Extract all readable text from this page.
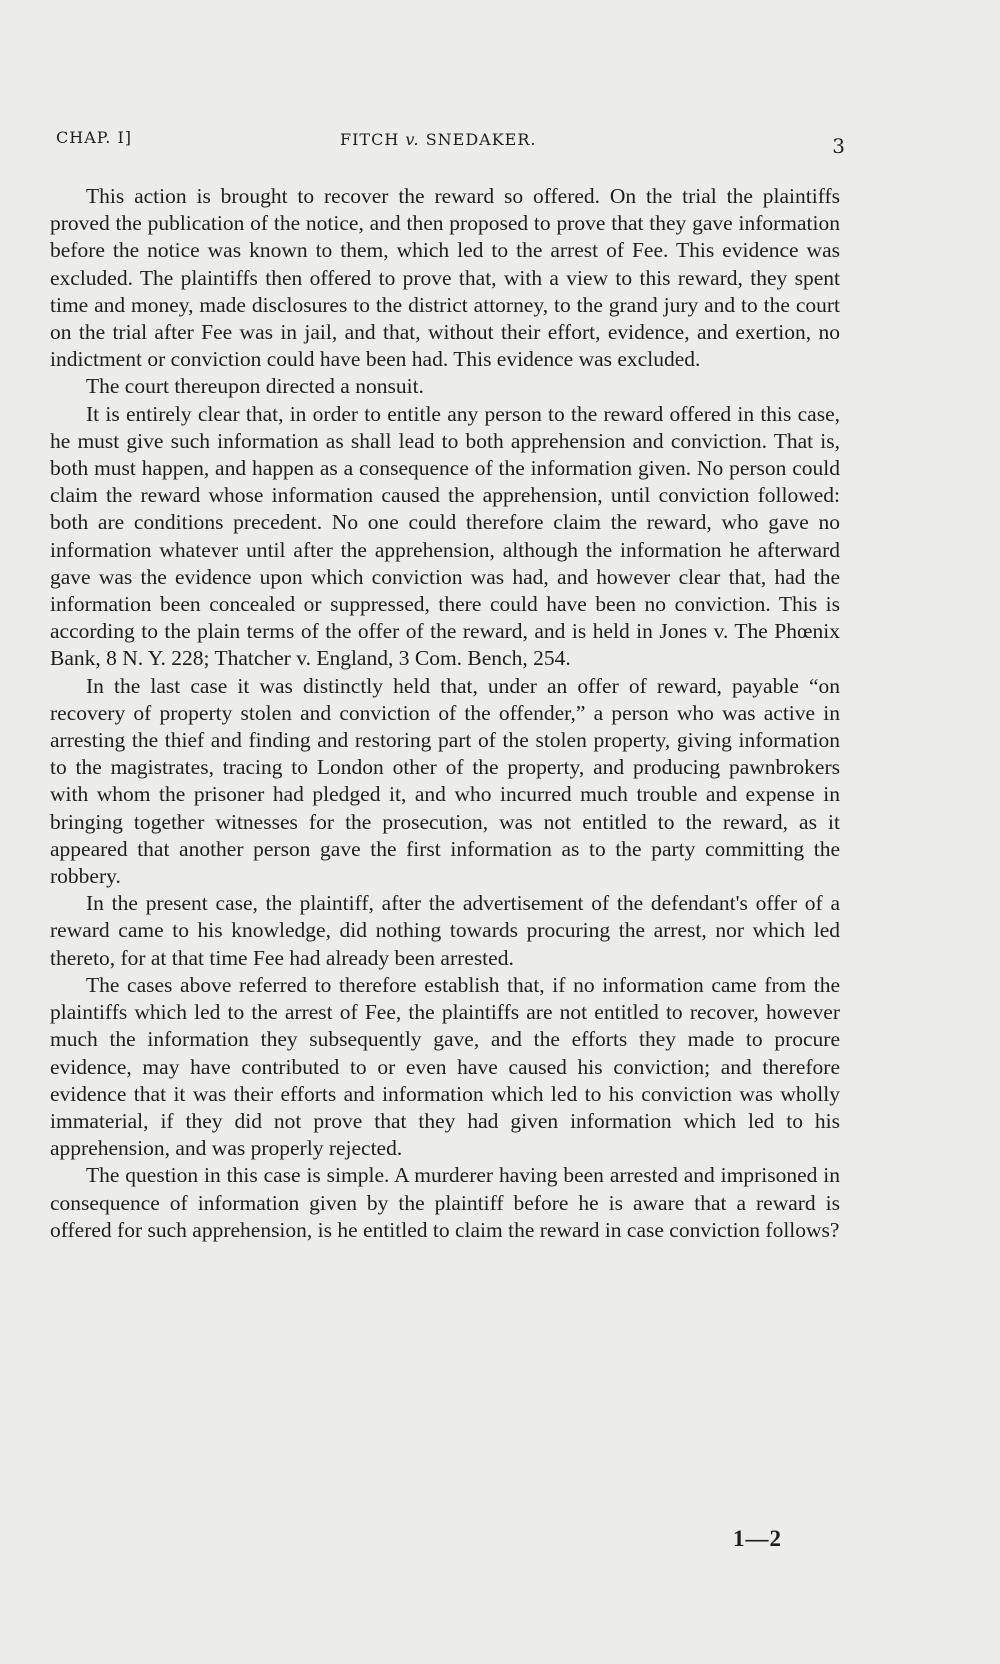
CHAP. I]	FITCH v. SNEDAKER.	3

This action is brought to recover the reward so offered. On the trial the plaintiffs proved the publication of the notice, and then proposed to prove that they gave information before the notice was known to them, which led to the arrest of Fee. This evidence was excluded. The plaintiffs then offered to prove that, with a view to this reward, they spent time and money, made disclosures to the district attorney, to the grand jury and to the court on the trial after Fee was in jail, and that, without their effort, evidence, and exertion, no indictment or conviction could have been had. This evidence was excluded.

The court thereupon directed a nonsuit.

It is entirely clear that, in order to entitle any person to the reward offered in this case, he must give such information as shall lead to both apprehension and conviction. That is, both must happen, and happen as a consequence of the information given. No person could claim the reward whose information caused the apprehension, until conviction followed: both are conditions precedent. No one could therefore claim the reward, who gave no information whatever until after the apprehension, although the information he afterward gave was the evidence upon which conviction was had, and however clear that, had the information been concealed or suppressed, there could have been no conviction. This is according to the plain terms of the offer of the reward, and is held in Jones v. The Phœnix Bank, 8 N. Y. 228; Thatcher v. England, 3 Com. Bench, 254.

In the last case it was distinctly held that, under an offer of reward, payable “on recovery of property stolen and conviction of the offender,” a person who was active in arresting the thief and finding and restoring part of the stolen property, giving information to the magistrates, tracing to London other of the property, and producing pawnbrokers with whom the prisoner had pledged it, and who incurred much trouble and expense in bringing together witnesses for the prosecution, was not entitled to the reward, as it appeared that another person gave the first information as to the party committing the robbery.

In the present case, the plaintiff, after the advertisement of the defendant's offer of a reward came to his knowledge, did nothing towards procuring the arrest, nor which led thereto, for at that time Fee had already been arrested.

The cases above referred to therefore establish that, if no information came from the plaintiffs which led to the arrest of Fee, the plaintiffs are not entitled to recover, however much the information they subsequently gave, and the efforts they made to procure evidence, may have contributed to or even have caused his conviction; and therefore evidence that it was their efforts and information which led to his conviction was wholly immaterial, if they did not prove that they had given information which led to his apprehension, and was properly rejected.

The question in this case is simple. A murderer having been arrested and imprisoned in consequence of information given by the plaintiff before he is aware that a reward is offered for such apprehension, is he entitled to claim the reward in case conviction follows?

1—2
